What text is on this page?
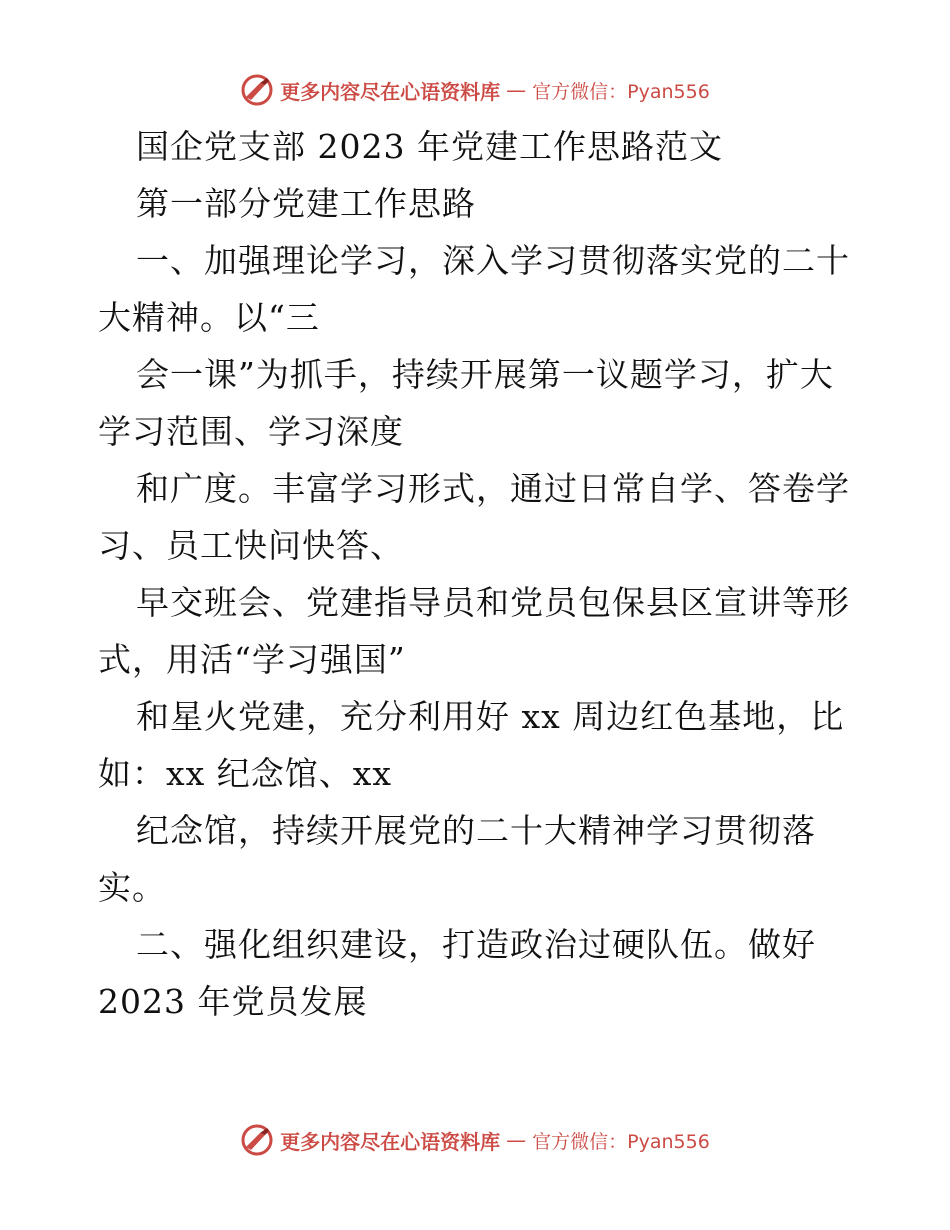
更多内容尽在心语资料库 — 官方微信：Pyan556
国企党支部 2023 年党建工作思路范文
第一部分党建工作思路
一、加强理论学习，深入学习贯彻落实党的二十
大精神。以“三
会一课”为抓手，持续开展第一议题学习，扩大
学习范围、学习深度
和广度。丰富学习形式，通过日常自学、答卷学
习、员工快问快答、
早交班会、党建指导员和党员包保县区宣讲等形
式，用活“学习强国”
和星火党建，充分利用好 xx 周边红色基地，比
如：xx 纪念馆、xx
纪念馆，持续开展党的二十大精神学习贯彻落
实。
二、强化组织建设，打造政治过硬队伍。做好
2023 年党员发展
更多内容尽在心语资料库 — 官方微信：Pyan556
